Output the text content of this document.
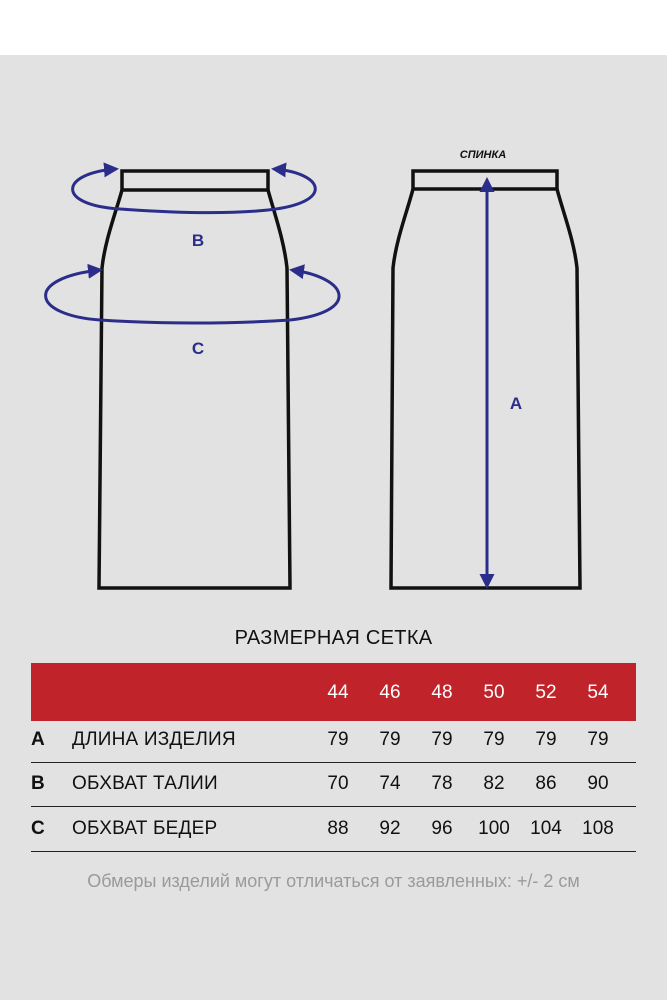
B
C
СПИНКА
A
РАЗМЕРНАЯ СЕТКА
44	46	48	50	52	54
A ДЛИНА ИЗДЕЛИЯ	79	79	79	79	79	79
B ОБХВАТ ТАЛИИ	70	74	78	82	86	90
C ОБХВАТ БЕДЕР	88	92	96	100	104	108
Обмеры изделий могут отличаться от заявленных: +/- 2 см
